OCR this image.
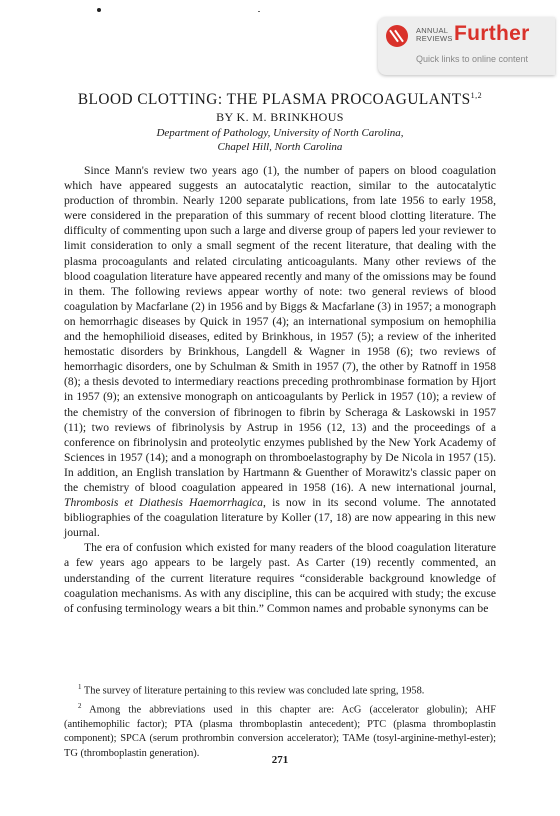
ANNUAL
REVIEWS Further
Quick links to online content
BLOOD CLOTTING: THE PLASMA PROCOAGULANTS$^{1,2}$
BY K. M. BRINKHOUS
Department of Pathology, University of North Carolina,
Chapel Hill, North Carolina

Since Mann's review two years ago (1), the number of papers on blood coagulation which have appeared suggests an autocatalytic reaction, similar to the autocatalytic production of thrombin. Nearly 1200 separate publications, from late 1956 to early 1958, were considered in the preparation of this summary of recent blood clotting literature. The difficulty of commenting upon such a large and diverse group of papers led your reviewer to limit consideration to only a small segment of the recent literature, that dealing with the plasma procoagulants and related circulating anticoagulants. Many other reviews of the blood coagulation literature have appeared recently and many of the omissions may be found in them. The following reviews appear worthy of note: two general reviews of blood coagulation by Macfarlane (2) in 1956 and by Biggs & Macfarlane (3) in 1957; a monograph on hemorrhagic diseases by Quick in 1957 (4); an international symposium on hemophilia and the hemophilioid diseases, edited by Brinkhous, in 1957 (5); a review of the inherited hemostatic disorders by Brinkhous, Langdell & Wagner in 1958 (6); two reviews of hemorrhagic disorders, one by Schulman & Smith in 1957 (7), the other by Ratnoff in 1958 (8); a thesis devoted to intermediary reactions preceding prothrombinase formation by Hjort in 1957 (9); an extensive monograph on anticoagulants by Perlick in 1957 (10); a review of the chemistry of the conversion of fibrinogen to fibrin by Scheraga & Laskowski in 1957 (11); two reviews of fibrinolysis by Astrup in 1956 (12, 13) and the proceedings of a conference on fibrinolysin and proteolytic enzymes published by the New York Academy of Sciences in 1957 (14); and a monograph on thromboelastography by De Nicola in 1957 (15). In addition, an English translation by Hartmann & Guenther of Morawitz's classic paper on the chemistry of blood coagulation appeared in 1958 (16). A new international journal, Thrombosis et Diathesis Haemorrhagica, is now in its second volume. The annotated bibliographies of the coagulation literature by Koller (17, 18) are now appearing in this new journal.

The era of confusion which existed for many readers of the blood coagulation literature a few years ago appears to be largely past. As Carter (19) recently commented, an understanding of the current literature requires “considerable background knowledge of coagulation mechanisms. As with any discipline, this can be acquired with study; the excuse of confusing terminology wears a bit thin.” Common names and probable synonyms can be

$^1$ The survey of literature pertaining to this review was concluded late spring, 1958.

$^2$ Among the abbreviations used in this chapter are: AcG (accelerator globulin); AHF (antihemophilic factor); PTA (plasma thromboplastin antecedent); PTC (plasma thromboplastin component); SPCA (serum prothrombin conversion accelerator); TAMe (tosyl-arginine-methyl-ester); TG (thromboplastin generation).

271
